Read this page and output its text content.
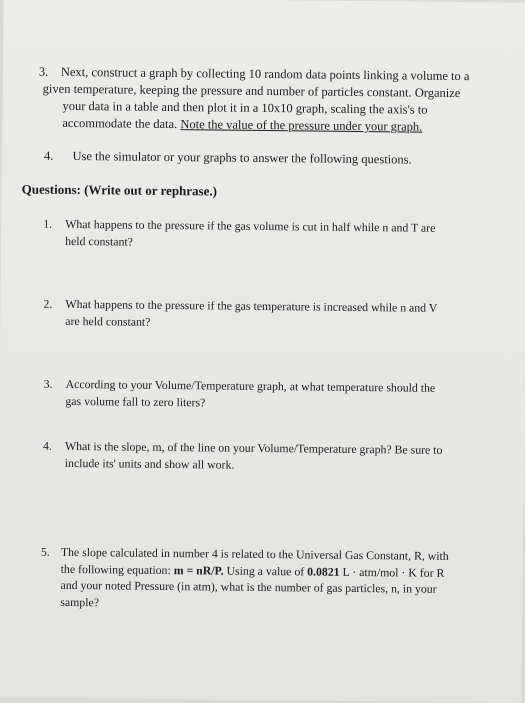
3. Next, construct a graph by collecting 10 random data points linking a volume to a
given temperature, keeping the pressure and number of particles constant. Organize
your data in a table and then plot it in a 10x10 graph, scaling the axis's to
accommodate the data. Note the value of the pressure under your graph.
4. Use the simulator or your graphs to answer the following questions.
Questions: (Write out or rephrase.)
1. What happens to the pressure if the gas volume is cut in half while n and T are
held constant?
2. What happens to the pressure if the gas temperature is increased while n and V
are held constant?
3. According to your Volume/Temperature graph, at what temperature should the
gas volume fall to zero liters?
4. What is the slope, m, of the line on your Volume/Temperature graph? Be sure to
include its' units and show all work.
5. The slope calculated in number 4 is related to the Universal Gas Constant, R, with
the following equation: m = nR/P. Using a value of 0.0821 L · atm/mol · K for R
and your noted Pressure (in atm), what is the number of gas particles, n, in your
sample?
